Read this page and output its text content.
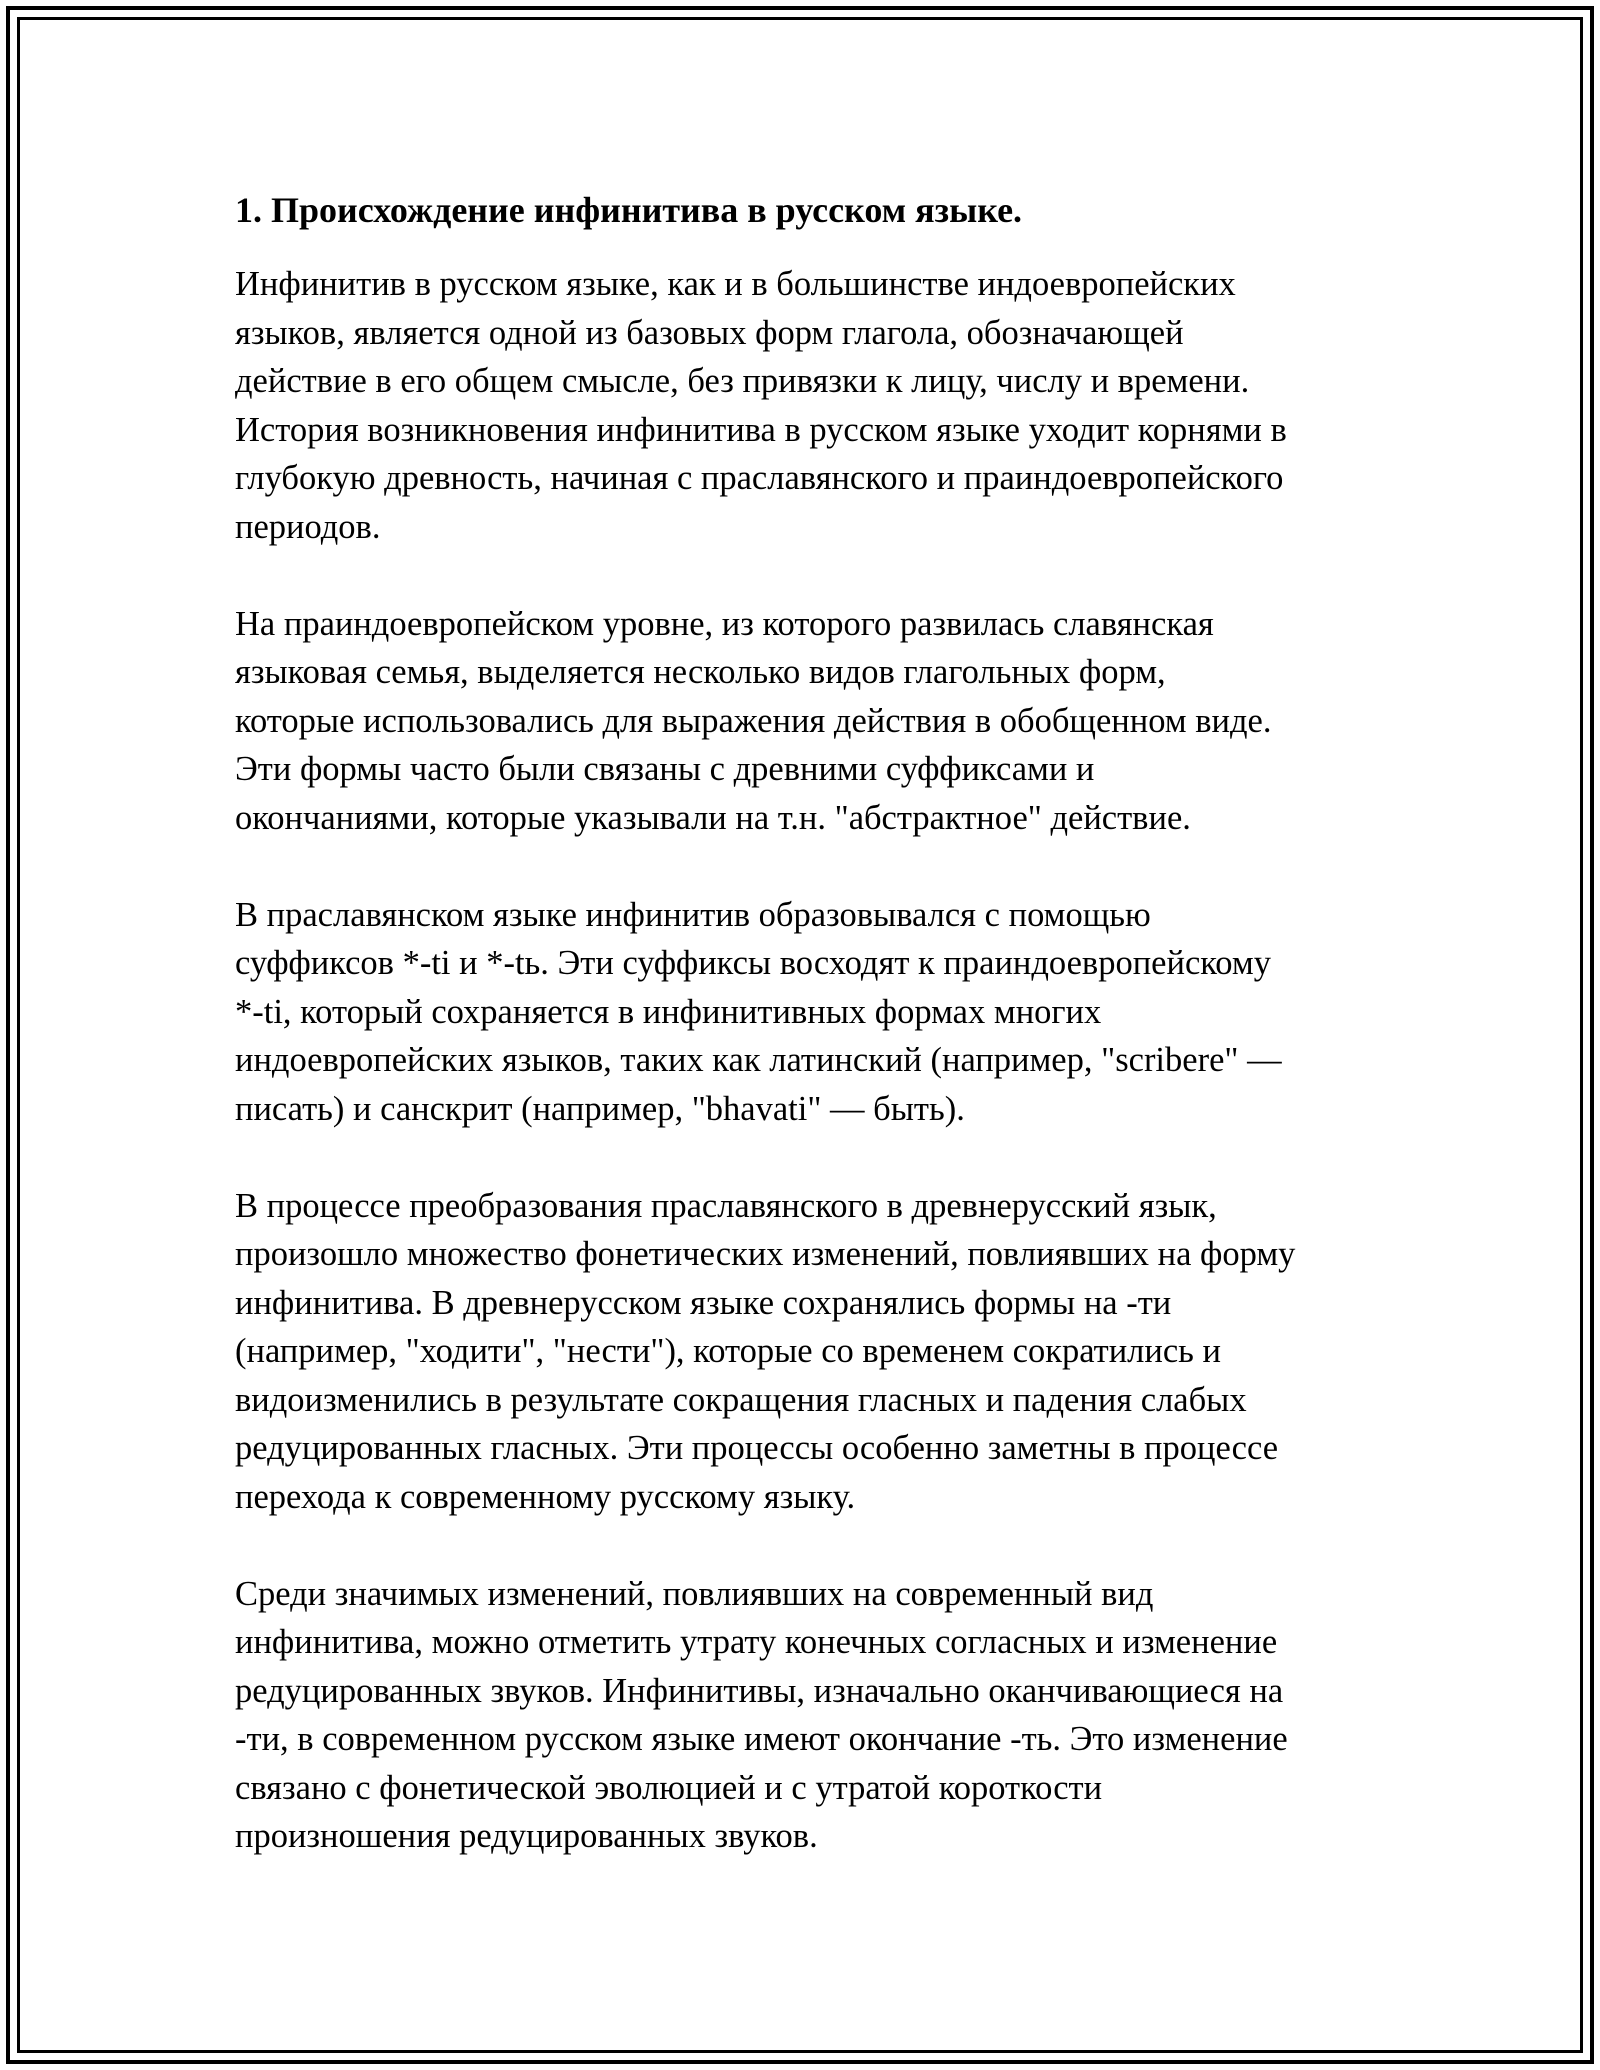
1. Происхождение инфинитива в русском языке.

Инфинитив в русском языке, как и в большинстве индоевропейских
языков, является одной из базовых форм глагола, обозначающей
действие в его общем смысле, без привязки к лицу, числу и времени.
История возникновения инфинитива в русском языке уходит корнями в
глубокую древность, начиная с праславянского и праиндоевропейского
периодов.

На праиндоевропейском уровне, из которого развилась славянская
языковая семья, выделяется несколько видов глагольных форм,
которые использовались для выражения действия в обобщенном виде.
Эти формы часто были связаны с древними суффиксами и
окончаниями, которые указывали на т.н. "абстрактное" действие.

В праславянском языке инфинитив образовывался с помощью
суффиксов *-ti и *-tь. Эти суффиксы восходят к праиндоевропейскому
*-ti, который сохраняется в инфинитивных формах многих
индоевропейских языков, таких как латинский (например, "scribere" —
писать) и санскрит (например, "bhavati" — быть).

В процессе преобразования праславянского в древнерусский язык,
произошло множество фонетических изменений, повлиявших на форму
инфинитива. В древнерусском языке сохранялись формы на -ти
(например, "ходити", "нести"), которые со временем сократились и
видоизменились в результате сокращения гласных и падения слабых
редуцированных гласных. Эти процессы особенно заметны в процессе
перехода к современному русскому языку.

Среди значимых изменений, повлиявших на современный вид
инфинитива, можно отметить утрату конечных согласных и изменение
редуцированных звуков. Инфинитивы, изначально оканчивающиеся на
-ти, в современном русском языке имеют окончание -ть. Это изменение
связано с фонетической эволюцией и с утратой короткости
произношения редуцированных звуков.
